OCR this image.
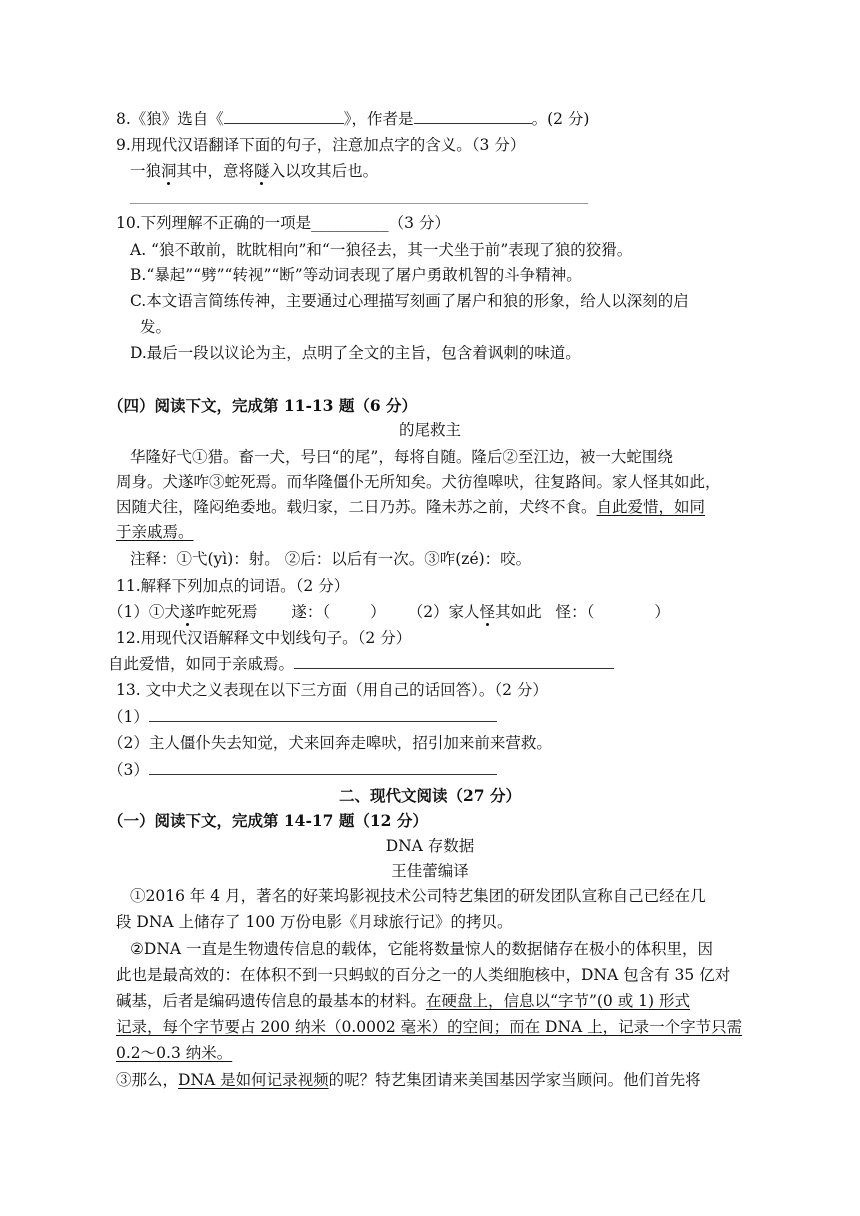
8.《狼》选自《	》，作者是	。(2 分)
9.用现代汉语翻译下面的句子，注意加点字的含义。（3 分）
一狼洞其中，意将隧入以攻其后也。
10.下列理解不正确的一项是__________（3 分）
A. “狼不敢前，眈眈相向”和“一狼径去，其一犬坐于前”表现了狼的狡猾。
B.“暴起”“劈”“转视”“断”等动词表现了屠户勇敢机智的斗争精神。
C.本文语言简练传神，主要通过心理描写刻画了屠户和狼的形象，给人以深刻的启
发。
D.最后一段以议论为主，点明了全文的主旨，包含着讽刺的味道。
（四）阅读下文，完成第 11-13 题（6 分）
的尾救主
华隆好弋①猎。畜一犬，号曰“的尾”，每将自随。隆后②至江边，被一大蛇围绕
周身。犬遂咋③蛇死焉。而华隆僵仆无所知矣。犬彷徨嗥吠，往复路间。家人怪其如此，
因随犬往，隆闷绝委地。载归家，二日乃苏。隆未苏之前，犬终不食。自此爱惜，如同
于亲戚焉。
注释：①弋(yì)：射。 ②后：以后有一次。③咋(zé)：咬。
11.解释下列加点的词语。（2 分）
（1）①犬遂咋蛇死焉 遂：（	） （2）家人怪其如此 怪：（	）
12.用现代汉语解释文中划线句子。（2 分）
自此爱惜，如同于亲戚焉。
13. 文中犬之义表现在以下三方面（用自己的话回答）。（2 分）
（1）
（2）主人僵仆失去知觉，犬来回奔走嗥吠，招引加来前来营救。
（3）
二、现代文阅读（27 分）
（一）阅读下文，完成第 14-17 题（12 分）
DNA 存数据
王佳蕾编译
①2016 年 4 月，著名的好莱坞影视技术公司特艺集团的研发团队宣称自己已经在几
段 DNA 上储存了 100 万份电影《月球旅行记》的拷贝。
②DNA 一直是生物遗传信息的载体，它能将数量惊人的数据储存在极小的体积里，因
此也是最高效的：在体积不到一只蚂蚁的百分之一的人类细胞核中，DNA 包含有 35 亿对
碱基，后者是编码遗传信息的最基本的材料。在硬盘上，信息以“字节”(0 或 1) 形式
记录，每个字节要占 200 纳米（0.0002 毫米）的空间；而在 DNA 上，记录一个字节只需
0.2～0.3 纳米。
③那么，DNA 是如何记录视频的呢？特艺集团请来美国基因学家当顾问。他们首先将
